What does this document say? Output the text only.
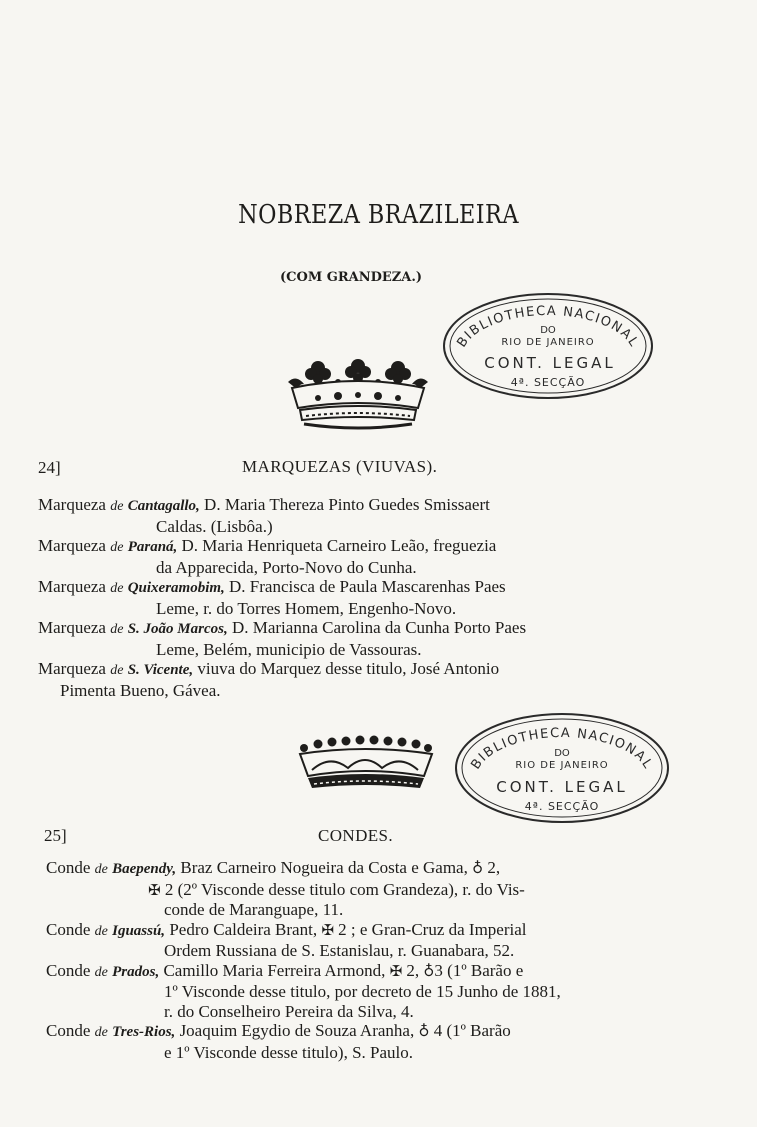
NOBREZA BRAZILEIRA
(COM GRANDEZA.)
BIBLIOTHECA NACIONAL
DO
RIO DE JANEIRO
CONT. LEGAL
4ª. SECÇÃO
24]	MARQUEZAS (VIUVAS).
Marqueza de Cantagallo, D. Maria Thereza Pinto Guedes Smissaert
Caldas. (Lisbôa.)
Marqueza de Paraná, D. Maria Henriqueta Carneiro Leão, freguezia
da Apparecida, Porto-Novo do Cunha.
Marqueza de Quixeramobim, D. Francisca de Paula Mascarenhas Paes
Leme, r. do Torres Homem, Engenho-Novo.
Marqueza de S. João Marcos, D. Marianna Carolina da Cunha Porto Paes
Leme, Belém, municipio de Vassouras.
Marqueza de S. Vicente, viuva do Marquez desse titulo, José Antonio
Pimenta Bueno, Gávea.
BIBLIOTHECA NACIONAL
DO
RIO DE JANEIRO
CONT. LEGAL
4ª. SECÇÃO
25]	CONDES.
Conde de Baependy, Braz Carneiro Nogueira da Costa e Gama, ♁ 2,
✠ 2 (2º Visconde desse titulo com Grandeza), r. do Vis-
conde de Maranguape, 11.
Conde de Iguassú, Pedro Caldeira Brant, ✠ 2 ; e Gran-Cruz da Imperial
Ordem Russiana de S. Estanislau, r. Guanabara, 52.
Conde de Prados, Camillo Maria Ferreira Armond, ✠ 2, ♁3 (1º Barão e
1º Visconde desse titulo, por decreto de 15 Junho de 1881,
r. do Conselheiro Pereira da Silva, 4.
Conde de Tres-Rios, Joaquim Egydio de Souza Aranha, ♁ 4 (1º Barão
e 1º Visconde desse titulo), S. Paulo.
